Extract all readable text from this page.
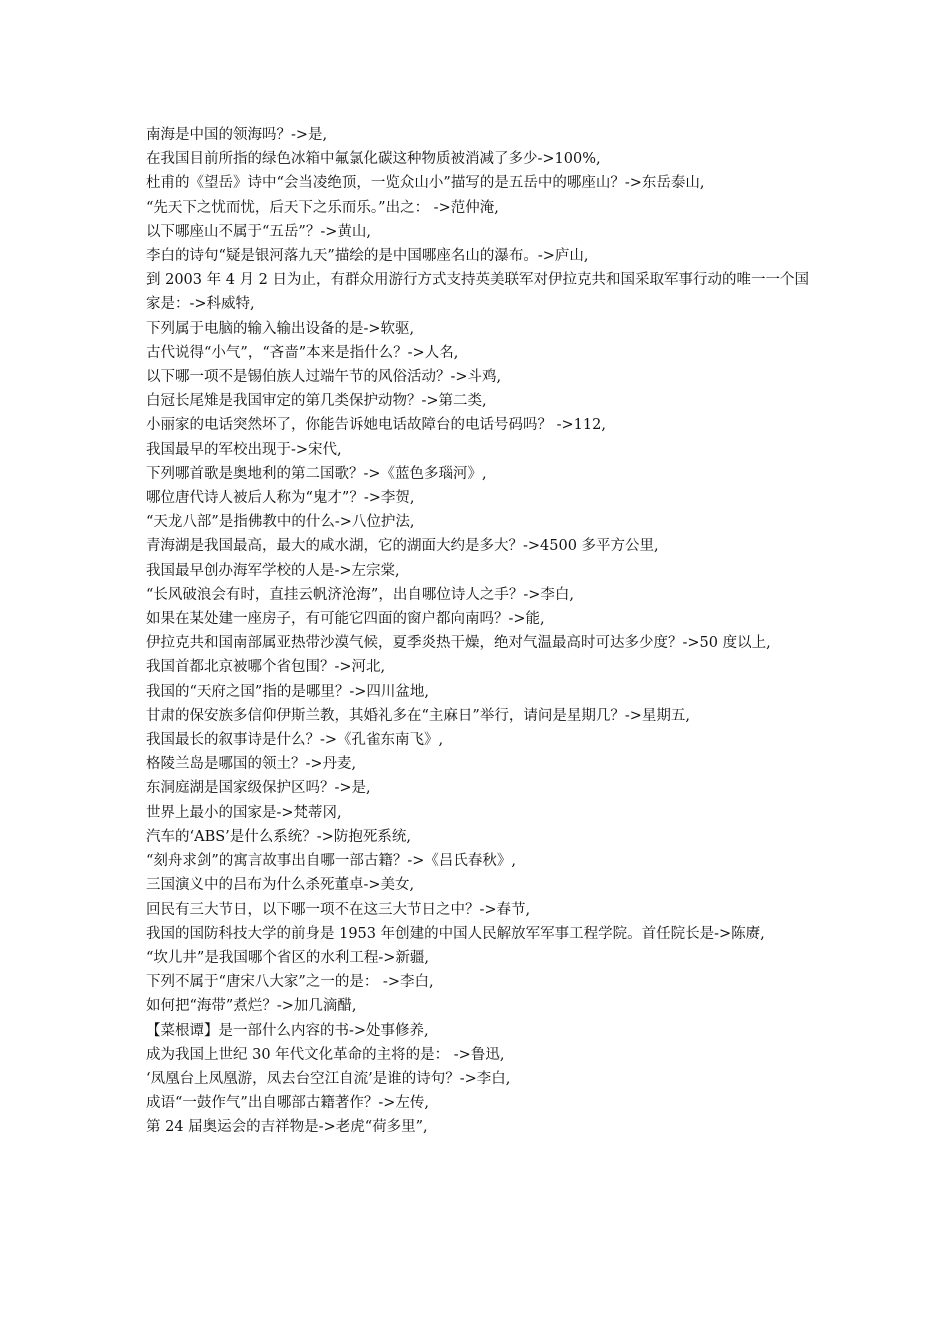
南海是中国的领海吗？->是,
在我国目前所指的绿色冰箱中氟氯化碳这种物质被消减了多少->100%,
杜甫的《望岳》诗中“会当凌绝顶，一览众山小”描写的是五岳中的哪座山？->东岳泰山,
“先天下之忧而忧，后天下之乐而乐。”出之： ->范仲淹,
以下哪座山不属于“五岳”？->黄山,
李白的诗句“疑是银河落九天”描绘的是中国哪座名山的瀑布。->庐山,
到 2003 年 4 月 2 日为止，有群众用游行方式支持英美联军对伊拉克共和国采取军事行动的唯一一个国家是：->科威特,
下列属于电脑的输入输出设备的是->软驱,
古代说得“小气”，“吝啬”本来是指什么？->人名,
以下哪一项不是锡伯族人过端午节的风俗活动？->斗鸡,
白冠长尾雉是我国审定的第几类保护动物？->第二类,
小丽家的电话突然坏了，你能告诉她电话故障台的电话号码吗？ ->112,
我国最早的军校出现于->宋代,
下列哪首歌是奥地利的第二国歌？->《蓝色多瑙河》,
哪位唐代诗人被后人称为“鬼才”？->李贺,
“天龙八部”是指佛教中的什么->八位护法,
青海湖是我国最高，最大的咸水湖，它的湖面大约是多大？->4500 多平方公里,
我国最早创办海军学校的人是->左宗棠,
“长风破浪会有时，直挂云帆济沧海”，出自哪位诗人之手？->李白,
如果在某处建一座房子，有可能它四面的窗户都向南吗？->能,
伊拉克共和国南部属亚热带沙漠气候，夏季炎热干燥，绝对气温最高时可达多少度？->50 度以上,
我国首都北京被哪个省包围？->河北,
我国的“天府之国”指的是哪里？->四川盆地,
甘肃的保安族多信仰伊斯兰教，其婚礼多在“主麻日”举行，请问是星期几？->星期五,
我国最长的叙事诗是什么？->《孔雀东南飞》,
格陵兰岛是哪国的领土？->丹麦,
东洞庭湖是国家级保护区吗？->是,
世界上最小的国家是->梵蒂冈,
汽车的‘ABS’是什么系统？->防抱死系统,
“刻舟求剑”的寓言故事出自哪一部古籍？->《吕氏春秋》,
三国演义中的吕布为什么杀死董卓->美女,
回民有三大节日，以下哪一项不在这三大节日之中？->春节,
我国的国防科技大学的前身是 1953 年创建的中国人民解放军军事工程学院。首任院长是->陈赓,
“坎儿井”是我国哪个省区的水利工程->新疆,
下列不属于“唐宋八大家”之一的是： ->李白,
如何把“海带”煮烂？->加几滴醋,
【菜根谭】是一部什么内容的书->处事修养,
成为我国上世纪 30 年代文化革命的主将的是： ->鲁迅,
‘凤凰台上凤凰游，凤去台空江自流’是谁的诗句？->李白,
成语“一鼓作气”出自哪部古籍著作？->左传,
第 24 届奥运会的吉祥物是->老虎“荷多里”,
